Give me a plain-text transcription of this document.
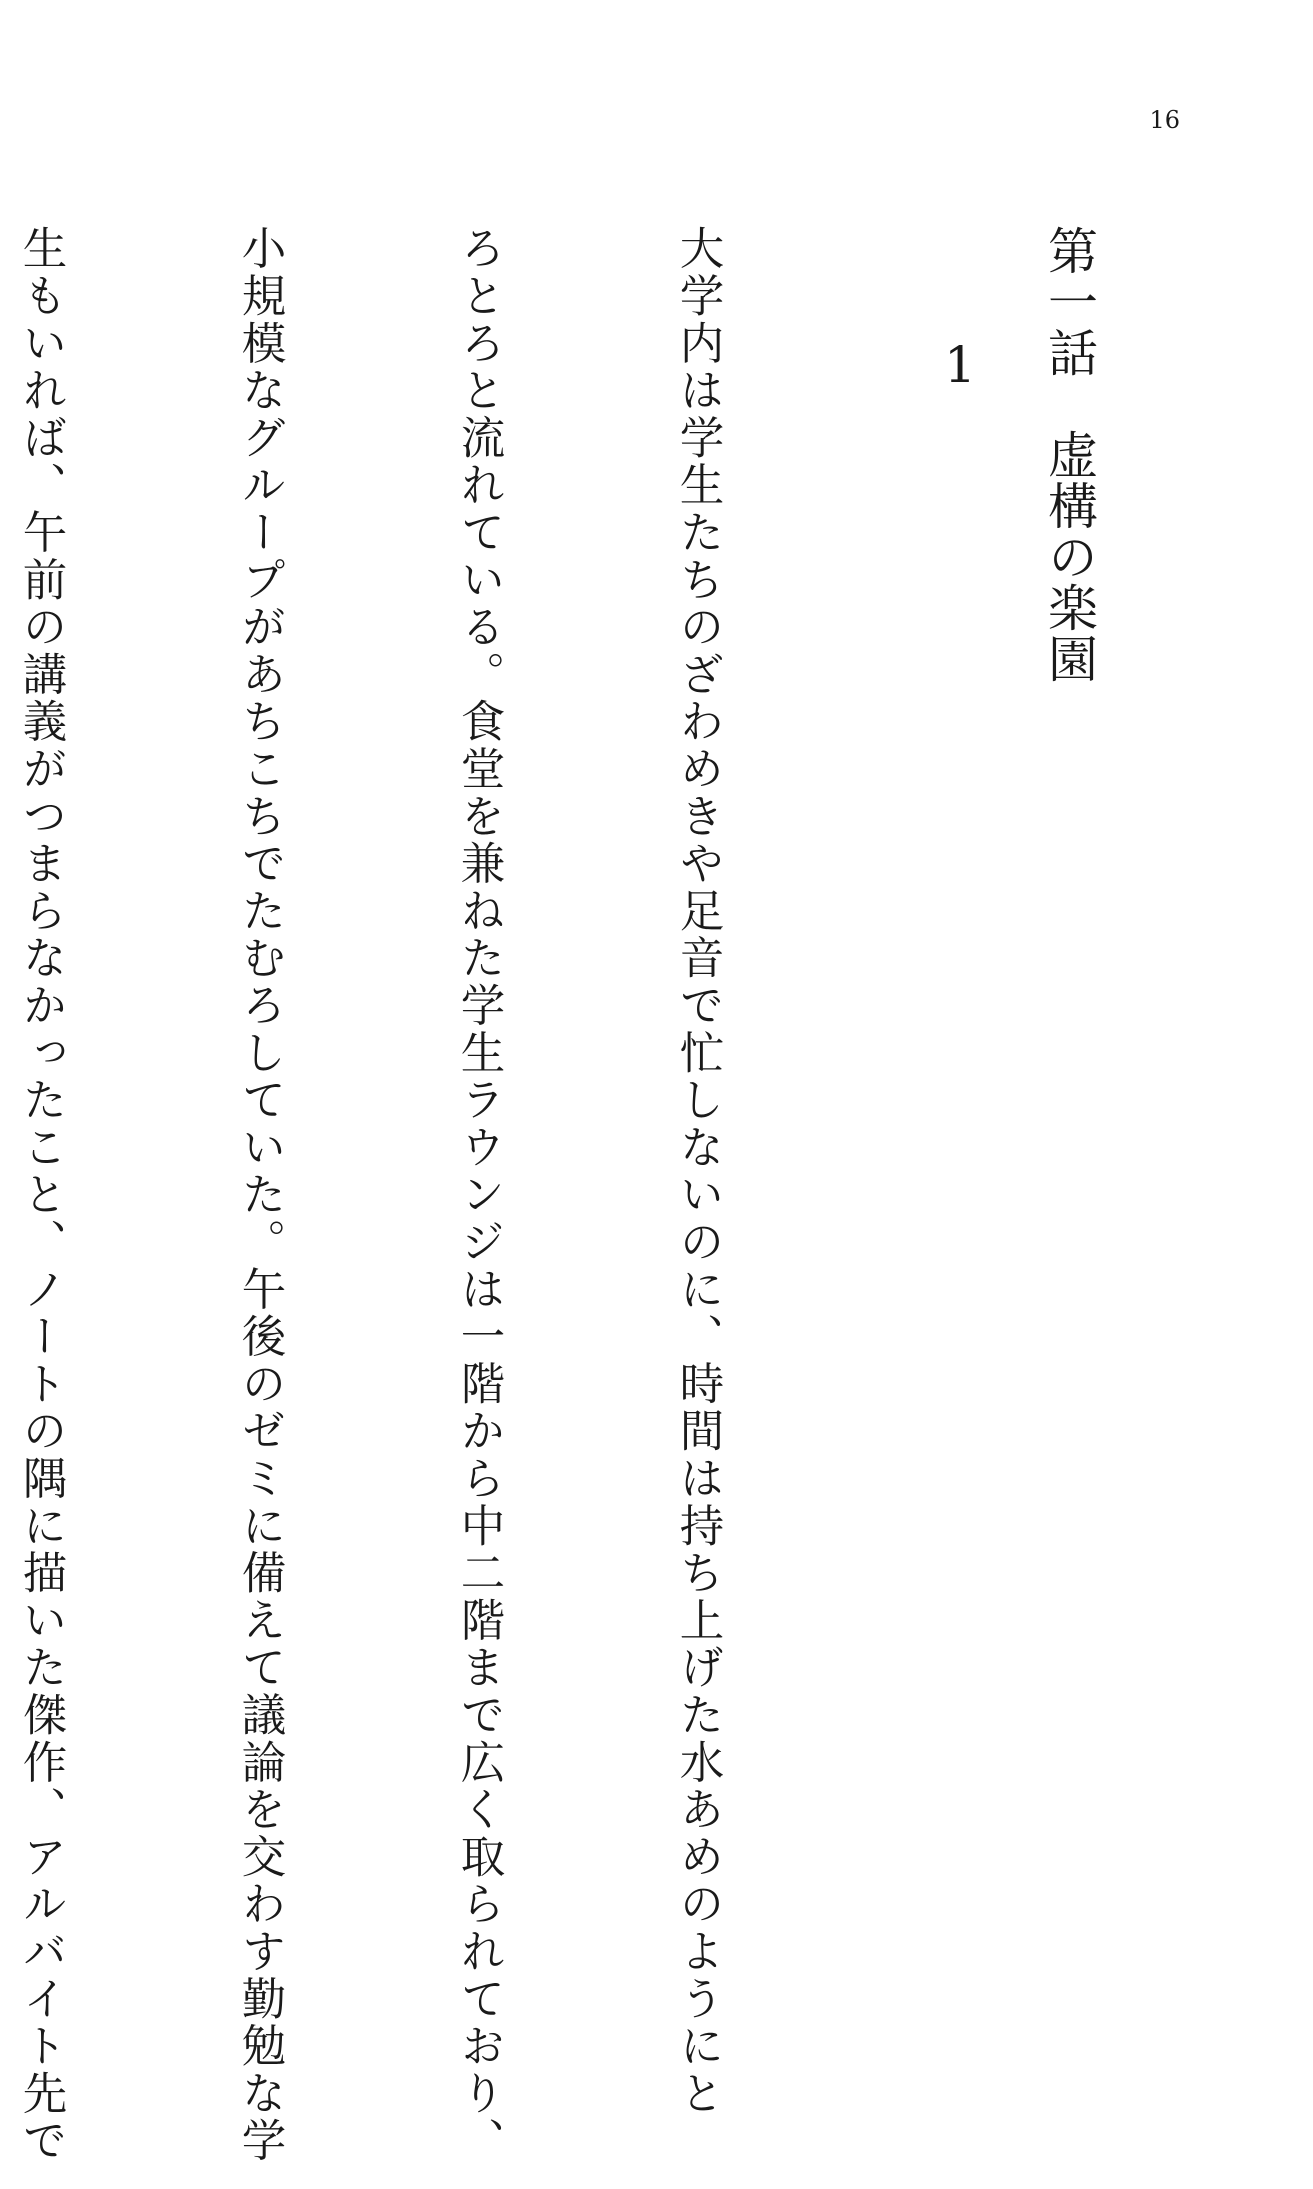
16
第一話　虚構の楽園
1

大学内は学生たちのざわめきや足音で忙しないのに、時間は持ち上げた水あめのようにと

ろとろと流れている。食堂を兼ねた学生ラウンジは一階から中二階まで広く取られており、

小規模なグループがあちこちでたむろしていた。午後のゼミに備えて議論を交わす勤勉な学

生もいれば、午前の講義がつまらなかったこと、ノートの隅に描いた傑作、アルバイト先で
